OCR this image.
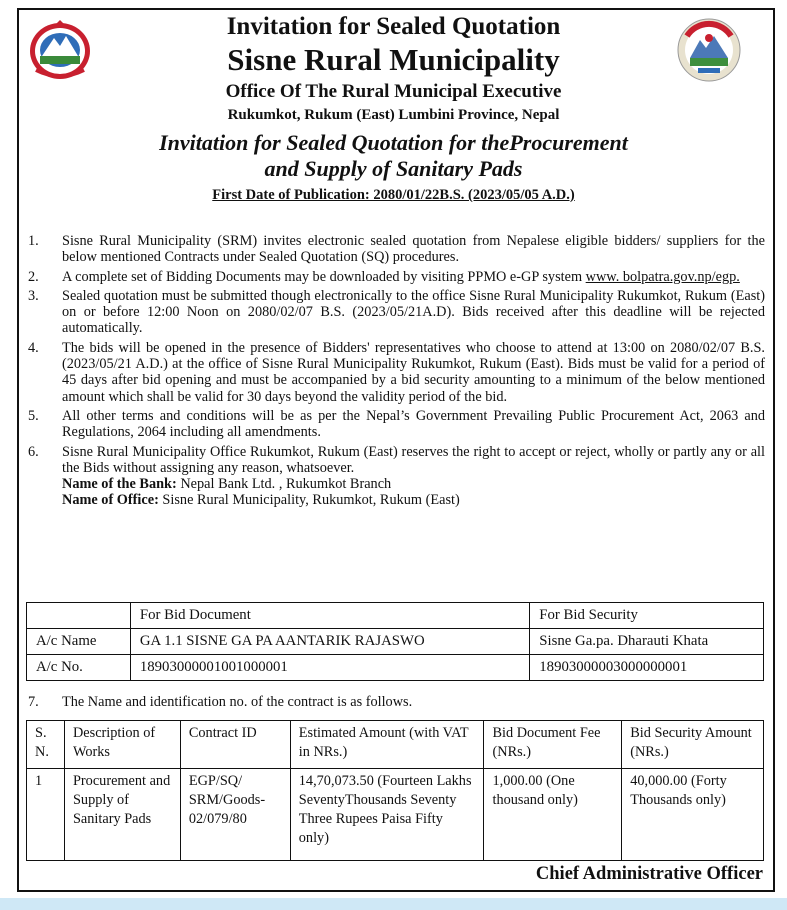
Invitation for Sealed Quotation
Sisne Rural Municipality
Office Of The Rural Municipal Executive
Rukumkot, Rukum (East) Lumbini Province, Nepal
Invitation for Sealed Quotation for theProcurement
and Supply of Sanitary Pads
First Date of Publication: 2080/01/22B.S. (2023/05/05 A.D.)
1.	Sisne Rural Municipality (SRM) invites electronic sealed quotation from Nepalese eligible bidders/ suppliers for the below mentioned Contracts under Sealed Quotation (SQ) procedures.
2.	A complete set of Bidding Documents may be downloaded by visiting PPMO e-GP system www. bolpatra.gov.np/egp.
3.	Sealed quotation must be submitted though electronically to the office Sisne Rural Municipality Rukumkot, Rukum (East) on or before 12:00 Noon on 2080/02/07 B.S. (2023/05/21A.D). Bids received after this deadline will be rejected automatically.
4.	The bids will be opened in the presence of Bidders' representatives who choose to attend at 13:00 on 2080/02/07 B.S. (2023/05/21 A.D.) at the office of Sisne Rural Municipality Rukumkot, Rukum (East). Bids must be valid for a period of 45 days after bid opening and must be accompanied by a bid security amounting to a minimum of the below mentioned amount which shall be valid for 30 days beyond the validity period of the bid.
5.	All other terms and conditions will be as per the Nepal’s Government Prevailing Public Procurement Act, 2063 and Regulations, 2064 including all amendments.
6.	Sisne Rural Municipality Office Rukumkot, Rukum (East) reserves the right to accept or reject, wholly or partly any or all the Bids without assigning any reason, whatsoever.
Name of the Bank: Nepal Bank Ltd. , Rukumkot Branch
Name of Office: Sisne Rural Municipality, Rukumkot, Rukum (East)
	For Bid Document	For Bid Security
A/c Name	GA 1.1 SISNE GA PA AANTARIK RAJASWO	Sisne Ga.pa. Dharauti Khata
A/c No.	18903000001001000001	18903000003000000001
7.	The Name and identification no. of the contract is as follows.
S. N.	Description of Works	Contract ID	Estimated Amount (with VAT in NRs.)	Bid Document Fee (NRs.)	Bid Security Amount (NRs.)
1	Procurement and Supply of Sanitary Pads	EGP/SQ/ SRM/Goods-02/079/80	14,70,073.50 (Fourteen Lakhs SeventyThousands Seventy Three Rupees Paisa Fifty only)	1,000.00 (One thousand only)	40,000.00 (Forty Thousands only)
Chief Administrative Officer
